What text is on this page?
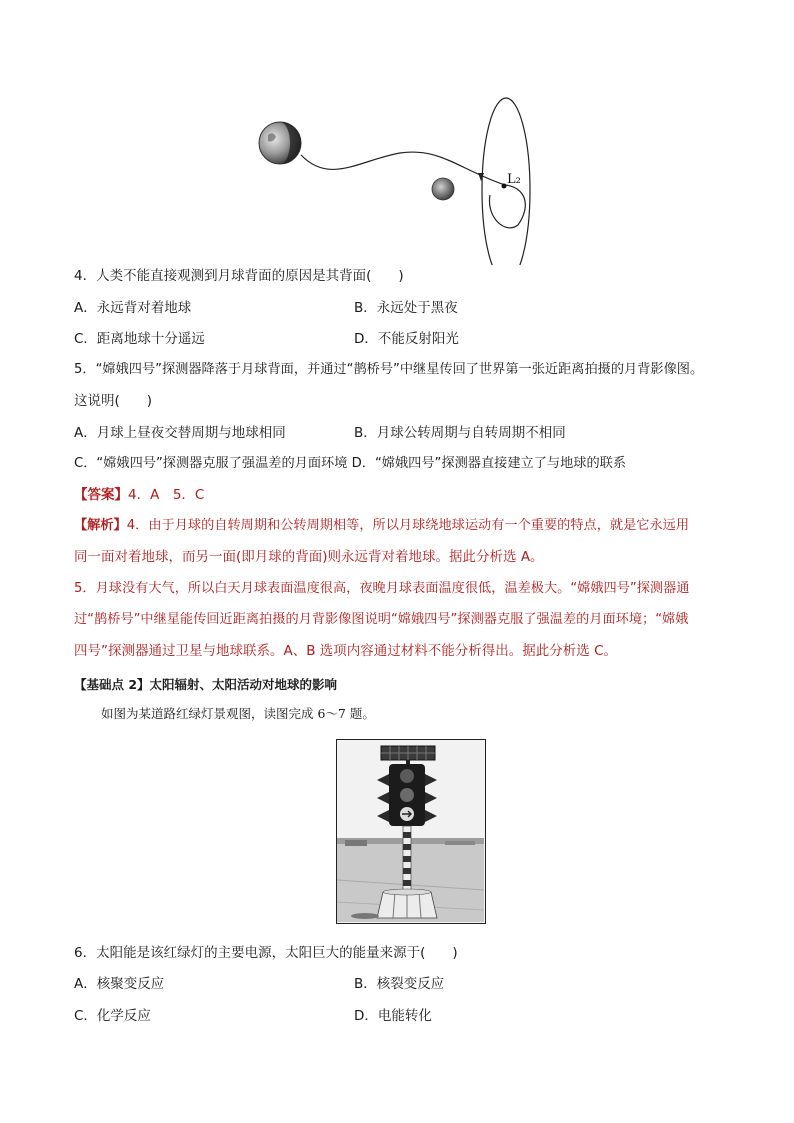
L₂
4．人类不能直接观测到月球背面的原因是其背面(　　)
A．永远背对着地球	B．永远处于黑夜
C．距离地球十分遥远	D．不能反射阳光
5．“嫦娥四号”探测器降落于月球背面，并通过“鹊桥号”中继星传回了世界第一张近距离拍摄的月背影像图。
这说明(　　)
A．月球上昼夜交替周期与地球相同	B．月球公转周期与自转周期不相同
C．“嫦娥四号”探测器克服了强温差的月面环境 D．“嫦娥四号”探测器直接建立了与地球的联系
【答案】4．A　5．C
【解析】4．由于月球的自转周期和公转周期相等，所以月球绕地球运动有一个重要的特点，就是它永远用
同一面对着地球，而另一面(即月球的背面)则永远背对着地球。据此分析选 A。
5．月球没有大气，所以白天月球表面温度很高，夜晚月球表面温度很低，温差极大。“嫦娥四号”探测器通
过“鹊桥号”中继星能传回近距离拍摄的月背影像图说明“嫦娥四号”探测器克服了强温差的月面环境；“嫦娥
四号”探测器通过卫星与地球联系。A、B 选项内容通过材料不能分析得出。据此分析选 C。
【基础点 2】太阳辐射、太阳活动对地球的影响
如图为某道路红绿灯景观图，读图完成 6～7 题。
6．太阳能是该红绿灯的主要电源，太阳巨大的能量来源于(　　)
A．核聚变反应	B．核裂变反应
C．化学反应	D．电能转化
